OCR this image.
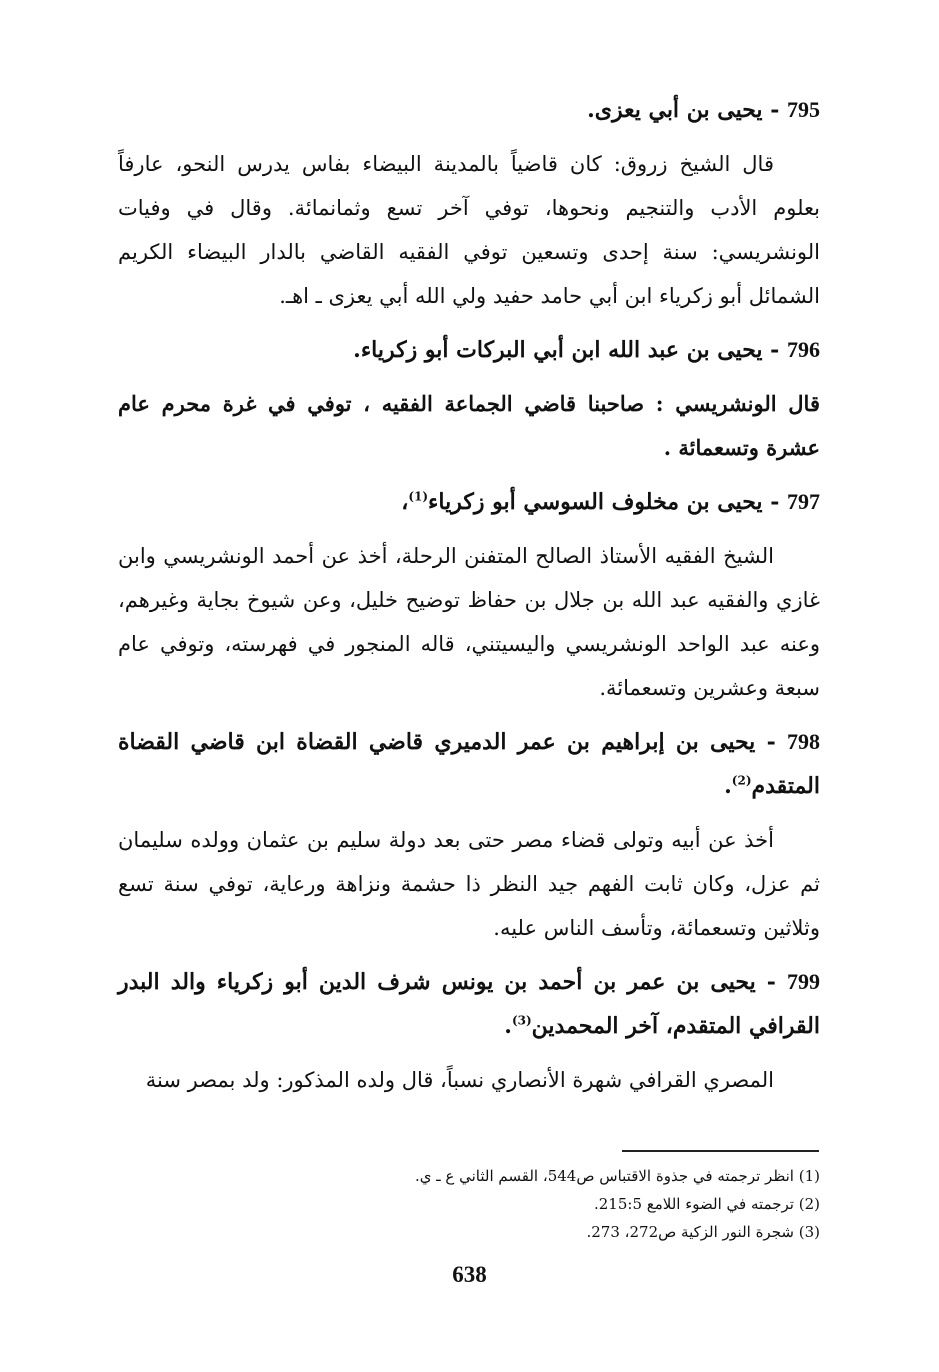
795 - يحيى بن أبي يعزى.

قال الشيخ زروق: كان قاضياً بالمدينة البيضاء بفاس يدرس النحو، عارفاً بعلوم الأدب والتنجيم ونحوها، توفي آخر تسع وثمانمائة. وقال في وفيات الونشريسي: سنة إحدى وتسعين توفي الفقيه القاضي بالدار البيضاء الكريم الشمائل أبو زكرياء ابن أبي حامد حفيد ولي الله أبي يعزى ـ اهـ.

796 - يحيى بن عبد الله ابن أبي البركات أبو زكرياء.

قال الونشريسي : صاحبنا قاضي الجماعة الفقيه ، توفي في غرة محرم عام عشرة وتسعمائة .

797 - يحيى بن مخلوف السوسي أبو زكرياء$^{(1)}$،

الشيخ الفقيه الأستاذ الصالح المتفنن الرحلة، أخذ عن أحمد الونشريسي وابن غازي والفقيه عبد الله بن جلال بن حفاظ توضيح خليل، وعن شيوخ بجاية وغيرهم، وعنه عبد الواحد الونشريسي واليسيتني، قاله المنجور في فهرسته، وتوفي عام سبعة وعشرين وتسعمائة.

798 - يحيى بن إبراهيم بن عمر الدميري قاضي القضاة ابن قاضي القضاة المتقدم$^{(2)}$.

أخذ عن أبيه وتولى قضاء مصر حتى بعد دولة سليم بن عثمان وولده سليمان ثم عزل، وكان ثابت الفهم جيد النظر ذا حشمة ونزاهة ورعاية، توفي سنة تسع وثلاثين وتسعمائة، وتأسف الناس عليه.

799 - يحيى بن عمر بن أحمد بن يونس شرف الدين أبو زكرياء والد البدر القرافي المتقدم، آخر المحمدين$^{(3)}$.

المصري القرافي شهرة الأنصاري نسباً، قال ولده المذكور: ولد بمصر سنة

(1) انظر ترجمته في جذوة الاقتباس ص544، القسم الثاني ع ـ ي.

(2) ترجمته في الضوء اللامع 215:5.

(3) شجرة النور الزكية ص272، 273.

638
